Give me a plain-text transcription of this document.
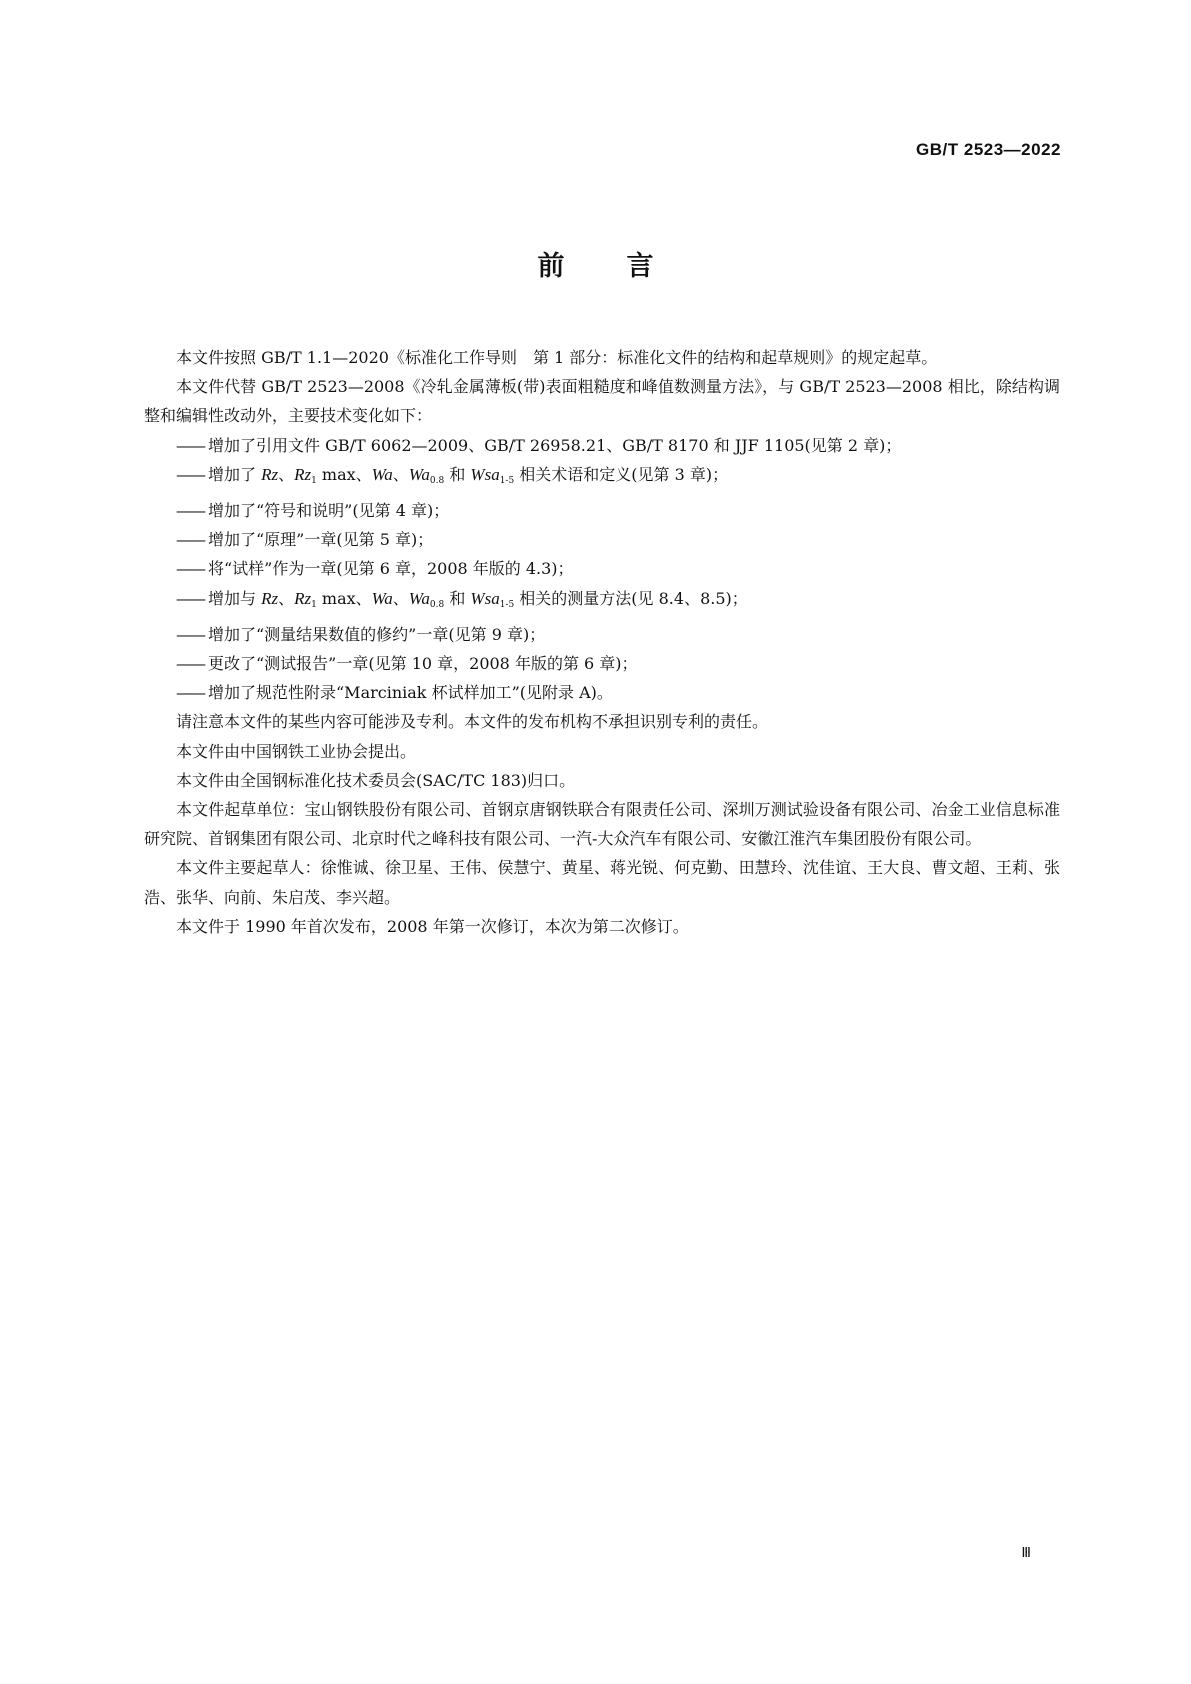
GB/T 2523—2022
前 言

本文件按照 GB/T 1.1—2020《标准化工作导则　第 1 部分：标准化文件的结构和起草规则》的规定起草。

本文件代替 GB/T 2523—2008《冷轧金属薄板(带)表面粗糙度和峰值数测量方法》，与 GB/T 2523—2008 相比，除结构调整和编辑性改动外，主要技术变化如下：

—— 增加了引用文件 GB/T 6062—2009、GB/T 26958.21、GB/T 8170 和 JJF 1105(见第 2 章)；

—— 增加了 Rz、$Rz_1$ max、Wa、$Wa_{0.8}$ 和 Wsa$_{1-5}$ 相关术语和定义(见第 3 章)；

—— 增加了“符号和说明”(见第 4 章)；

—— 增加了“原理”一章(见第 5 章)；

—— 将“试样”作为一章(见第 6 章，2008 年版的 4.3)；

—— 增加与 Rz、$Rz_1$ max、Wa、$Wa_{0.8}$ 和 Wsa$_{1-5}$ 相关的测量方法(见 8.4、8.5)；

—— 增加了“测量结果数值的修约”一章(见第 9 章)；

—— 更改了“测试报告”一章(见第 10 章，2008 年版的第 6 章)；

—— 增加了规范性附录“Marciniak 杯试样加工”(见附录 A)。

请注意本文件的某些内容可能涉及专利。本文件的发布机构不承担识别专利的责任。

本文件由中国钢铁工业协会提出。

本文件由全国钢标准化技术委员会(SAC/TC 183)归口。

本文件起草单位：宝山钢铁股份有限公司、首钢京唐钢铁联合有限责任公司、深圳万测试验设备有限公司、冶金工业信息标准研究院、首钢集团有限公司、北京时代之峰科技有限公司、一汽-大众汽车有限公司、安徽江淮汽车集团股份有限公司。

本文件主要起草人：徐惟诚、徐卫星、王伟、侯慧宁、黄星、蒋光锐、何克勤、田慧玲、沈佳谊、王大良、曹文超、王莉、张浩、张华、向前、朱启茂、李兴超。

本文件于 1990 年首次发布，2008 年第一次修订，本次为第二次修订。

Ⅲ
